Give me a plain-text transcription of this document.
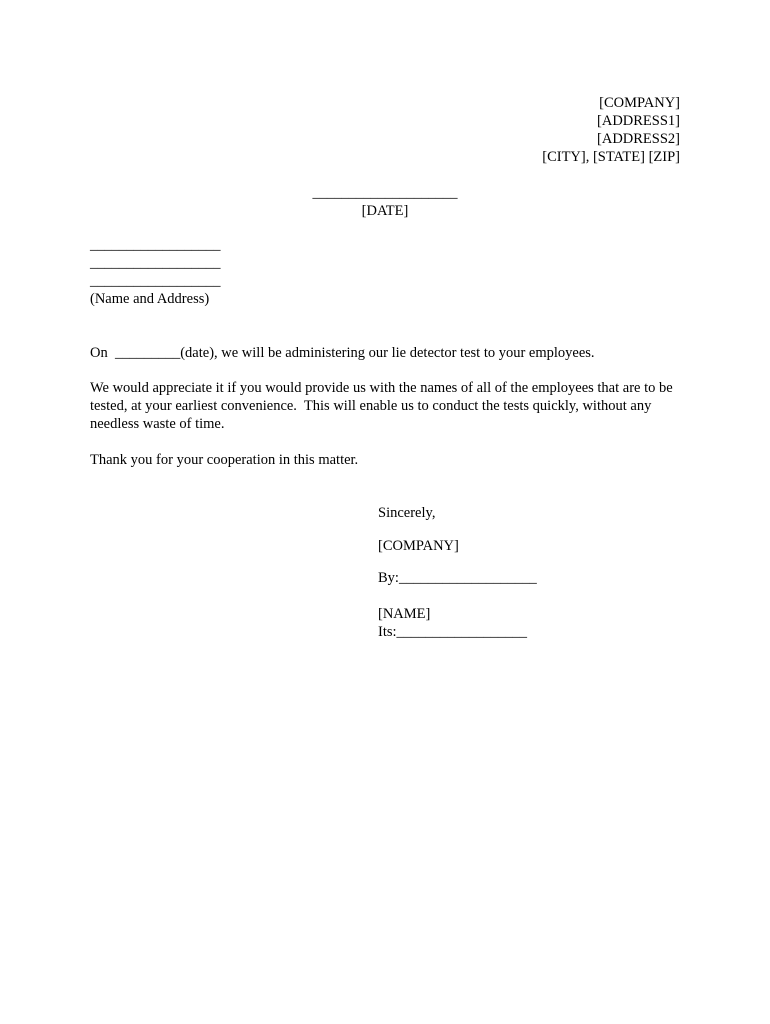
[COMPANY]
[ADDRESS1]
[ADDRESS2]
[CITY], [STATE] [ZIP]
____________________
[DATE]
__________________
__________________
__________________
(Name and Address)

On  _________(date), we will be administering our lie detector test to your employees.

We would appreciate it if you would provide us with the names of all of the employees that are to be tested, at your earliest convenience.  This will enable us to conduct the tests quickly, without any needless waste of time.

Thank you for your cooperation in this matter.

Sincerely,
[COMPANY]
By:___________________
[NAME]
Its:__________________
